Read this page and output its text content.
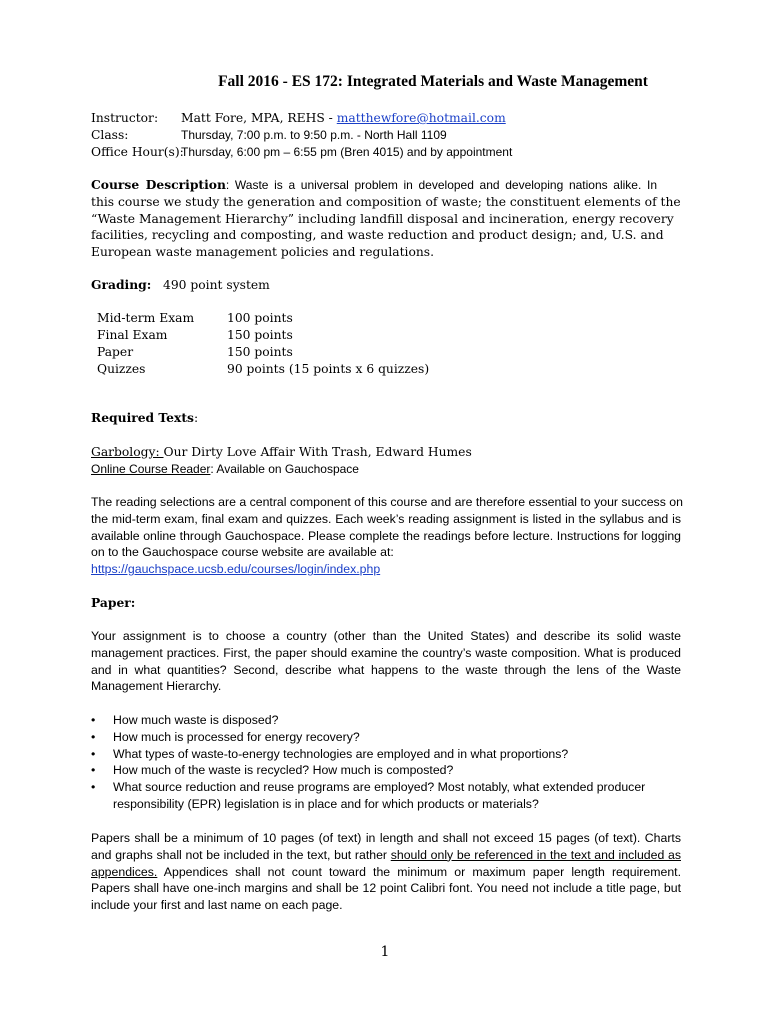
Fall 2016 - ES 172: Integrated Materials and Waste Management
Instructor: Matt Fore, MPA, REHS - matthewfore@hotmail.com
Class:	Thursday, 7:00 p.m. to 9:50 p.m. - North Hall 1109
Office Hour(s):
Thursday, 6:00 pm – 6:55 pm (Bren 4015) and by appointment
Course Description: Waste is a universal problem in developed and developing nations alike. In
this course we study the generation and composition of waste; the constituent elements of the
“Waste Management Hierarchy” including landfill disposal and incineration, energy recovery
facilities, recycling and composting, and waste reduction and product design; and, U.S. and
European waste management policies and regulations.
Grading: 490 point system
Mid-term Exam	100 points
Final Exam	150 points
Paper	150 points
Quizzes	90 points (15 points x 6 quizzes)
Required Texts:
Garbology: Our Dirty Love Affair With Trash, Edward Humes
Online Course Reader: Available on Gauchospace
The reading selections are a central component of this course and are therefore essential to your success on
the mid-term exam, final exam and quizzes. Each week’s reading assignment is listed in the syllabus and is
available online through Gauchospace. Please complete the readings before lecture. Instructions for logging
on to the Gauchospace course website are available at:
https://gauchspace.ucsb.edu/courses/login/index.php
Paper:
Your assignment is to choose a country (other than the United States) and describe its solid waste
management practices. First, the paper should examine the country’s waste composition. What is produced
and in what quantities? Second, describe what happens to the waste through the lens of the Waste
Management Hierarchy.
• How much waste is disposed?
• How much is processed for energy recovery?
• What types of waste-to-energy technologies are employed and in what proportions?
• How much of the waste is recycled? How much is composted?
• What source reduction and reuse programs are employed? Most notably, what extended producer
responsibility (EPR) legislation is in place and for which products or materials?
Papers shall be a minimum of 10 pages (of text) in length and shall not exceed 15 pages (of text). Charts
and graphs shall not be included in the text, but rather should only be referenced in the text and included as
appendices. Appendices shall not count toward the minimum or maximum paper length requirement.
Papers shall have one-inch margins and shall be 12 point Calibri font. You need not include a title page, but
include your first and last name on each page.
1
